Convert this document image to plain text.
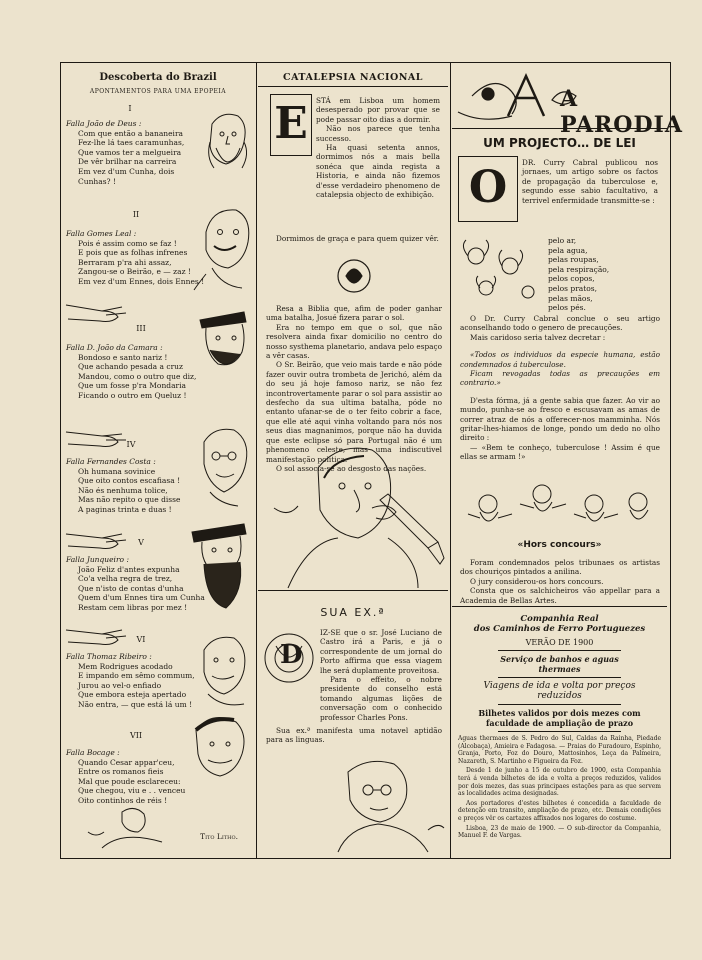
Descoberta do Brazil
APONTAMENTOS PARA UMA EPOPEIA
I
Falla João de Deus :

Com que então a bananeira

Fez-lhe lá taes caramunhas,

Que vamos ter a melgueira

De vêr brilhar na carreira

Em vez d'um Cunha, dois Cunhas? !

II
Falla Gomes Leal :

Pois é assim como se faz !

E pois que as folhas infrenes

Berraram p'ra ahi assaz,

Zangou-se o Beirão, e — zaz !

Em vez d'um Ennes, dois Ennes !

III
Falla D. João da Camara :

Bondoso e santo nariz !

Que achando pesada a cruz

Mandou, como o outro que diz,

Que um fosse p'ra Mondaria

Ficando o outro em Queluz !

IV
Falla Fernandes Costa :

Oh humana sovinice

Que oito contos escafiasa !

Não és nenhuma tolice,

Mas não repito o que disse

A paginas trinta e duas !

V
Falla Junqueiro :

João Feliz d'antes expunha

Co'a velha regra de trez,

Que n'isto de contas d'unha

Quem d'um Ennes tira um Cunha

Restam cem libras por mez !

VI
Falla Thomaz Ribeiro :

Mem Rodrigues acodado

E impando em sêmo commum,

Jurou ao vel-o enfiado

Que embora esteja apertado

Não entra, — que está lá um !

VII
Falla Bocage :

Quando Cesar appar'ceu,

Entre os romanos fieis

Mal que poude esclareceu:

Que chegou, viu e . . venceu

Oito continhos de réis !

Tito Litho.
CATALEPSIA NACIONAL
E	STÁ em Lisboa um homem desesperado por provar que se pode passar oito dias a dormir.

Não nos parece que tenha successo.

Ha quasi setenta annos, dormimos nós a mais bella sonéca que ainda regista a Historia, e ainda não fizemos d'esse verdadeiro phenomeno de catalepsia objecto de exhibição.

Dormimos de graça e para quem quizer vêr.

Resa a Biblia que, afim de poder ganhar uma batalha, Josué fizera parar o sol.

Era no tempo em que o sol, que não resolvera ainda fixar domicilio no centro do nosso systhema planetario, andava pelo espaço a vêr casas.

O Sr. Beirão, que veio mais tarde e não póde fazer ouvir outra trombeta de Jerichó, além da do seu já hoje famoso nariz, se não fez incontrovertamente parar o sol para assistir ao desfecho da sua ultima batalha, póde no entanto ufanar-se de o ter feito cobrir a face, que elle até aqui vinha voltando para nós nos seus dias magnanimos, porque não ha duvida que este eclipse só para Portugal não é um phenomeno celeste, mas uma indiscutivel manifestação politica.

O sol associa-se ao desgosto das nações.

SUA EX.ª
D

IZ-SE que o sr. José Luciano de Castro irá a Paris, e já o correspondente de um jornal do Porto affirma que essa viagem lhe será duplamente proveitosa.

Para o effeito, o nobre presidente do conselho está tomando algumas lições de conversação com o conhecido professor Charles Pons.

Sua ex.ª manifesta uma notavel aptidão para as linguas.

A PARODIA
UM PROJECTO… DE LEI
O	DR. Curry Cabral publicou nos jornaes, um artigo sobre os factos de propagação da tuberculose e, segundo esse sabio facultativo, a terrivel enfermidade transmitte-se :

pelo ar,

pela agua,

pelas roupas,

pela respiração,

pelos copos,

pelos pratos,

pelas mãos,

pelos pés.

O Dr. Curry Cabral conclue o seu artigo aconselhando todo o genero de precauções.

Mais caridoso seria talvez decretar :

«Todos os individuos da especie humana, estão condemnados á tuberculose.

Ficam revogadas todas as precauções em contrario.»

D'esta fórma, já a gente sabia que fazer. Ao vir ao mundo, punha-se ao fresco e escusavam as amas de correr atraz de nós a offerecer-nos mamminha. Nós gritar-lhes-hiamos de longe, pondo um dedo no olho direito :

— «Bem te conheço, tuberculose ! Assim é que ellas se armam !»

«Hors concours»

Foram condemnados pelos tribunaes os artistas dos chouriços pintados a anilina.

O jury considerou-os hors concours.

Consta que os salchicheiros vão appellar para a Academia de Bellas Artes.

Companhia Real
dos Caminhos de Ferro Portuguezes
VERÃO DE 1900
Serviço de banhos e aguas thermaes
Viagens de ida e volta por preços reduzidos
Bilhetes validos por dois mezes com faculdade de ampliação de prazo

Aguas thermaes de S. Pedro do Sul, Caldas da Rainha, Piedade (Alcobaça), Amieira e Fadagosa. — Praias do Furadouro, Espinho, Granja, Porto, Foz do Douro, Mattosinhos, Leça da Palmeira, Nazareth, S. Martinho e Figueira da Foz.

Desde 1 de junho a 15 de outubro de 1900, esta Companhia terá á venda bilhetes de ida e volta a preços reduzidos, validos por dois mezes, das suas principaes estações para as que servem as localidades acima designadas.

Aos portadores d'estes bilhetes é concedida a faculdade de detenção em transito, ampliação de prazo, etc. Demais condições e preços vêr os cartazes affixados nos logares do costume.

Lisboa, 23 de maio de 1900. — O sub-director da Companhia, Manuel F. de Vargas.
